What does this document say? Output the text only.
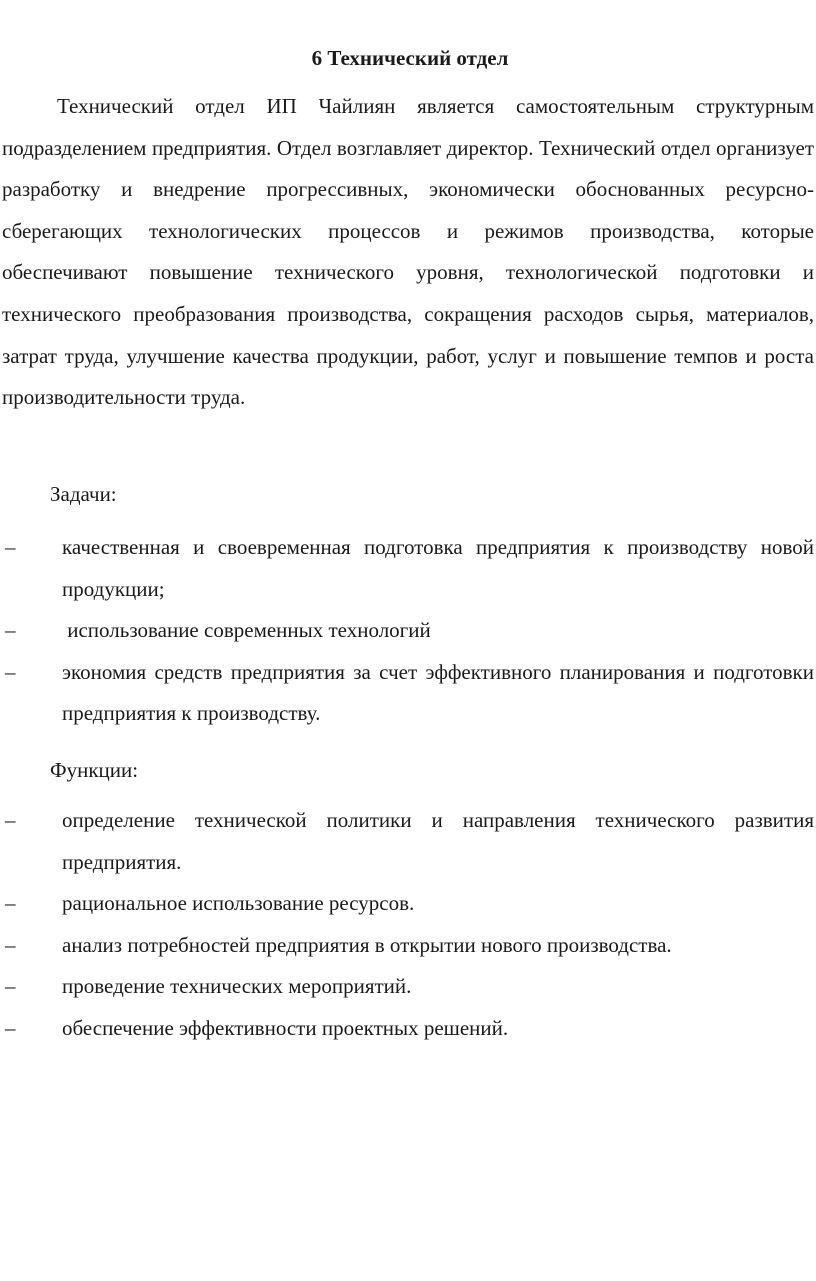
6 Технический отдел

Технический отдел ИП Чайлиян является самостоятельным структурным подразделением предприятия. Отдел возглавляет директор. Технический отдел организует разработку и внедрение прогрессивных, экономически обоснованных ресурсно-сберегающих технологических процессов и режимов производства, которые обеспечивают повышение технического уровня, технологической подготовки и технического преобразования производства, сокращения расходов сырья, материалов, затрат труда, улучшение качества продукции, работ, услуг и повышение темпов и роста производительности труда.

Задачи:

–	качественная и своевременная подготовка предприятия к производству новой продукции;
–	использование современных технологий
–	экономия средств предприятия за счет эффективного планирования и подготовки предприятия к производству.

Функции:

–	определение технической политики и направления технического развития предприятия.
–	рациональное использование ресурсов.
–	анализ потребностей предприятия в открытии нового производства.
–	проведение технических мероприятий.
–	обеспечение эффективности проектных решений.
